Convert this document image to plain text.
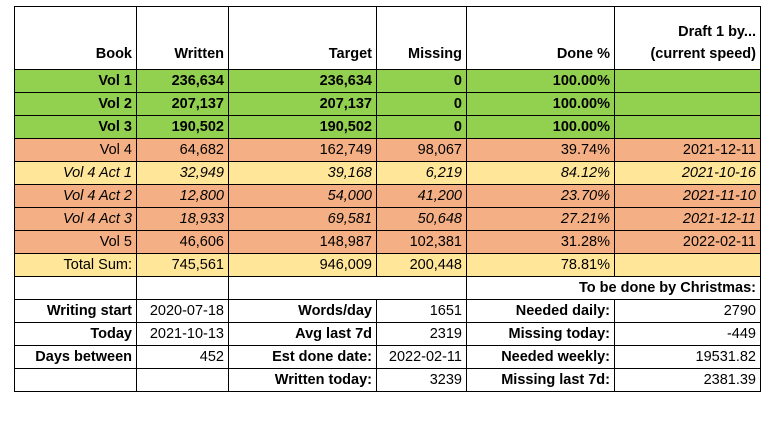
Book	Written	Target	Missing	Done %	Draft 1 by...
(current speed)

Vol 1	236,634	236,634	0	100.00%	
Vol 2	207,137	207,137	0	100.00%	
Vol 3	190,502	190,502	0	100.00%	
Vol 4	64,682	162,749	98,067	39.74%	2021-12-11
Vol 4 Act 1	32,949	39,168	6,219	84.12%	2021-10-16
Vol 4 Act 2	12,800	54,000	41,200	23.70%	2021-11-10
Vol 4 Act 3	18,933	69,581	50,648	27.21%	2021-12-11
Vol 5	46,606	148,987	102,381	31.28%	2022-02-11
Total Sum:	745,561	946,009	200,448	78.81%	
				To be done by Christmas:	
Writing start	2020-07-18	Words/day	1651	Needed daily:	2790
Today	2021-10-13	Avg last 7d	2319	Missing today:	-449
Days between	452	Est done date:	2022-02-11	Needed weekly:	19531.82
		Written today:	3239	Missing last 7d:	2381.39
